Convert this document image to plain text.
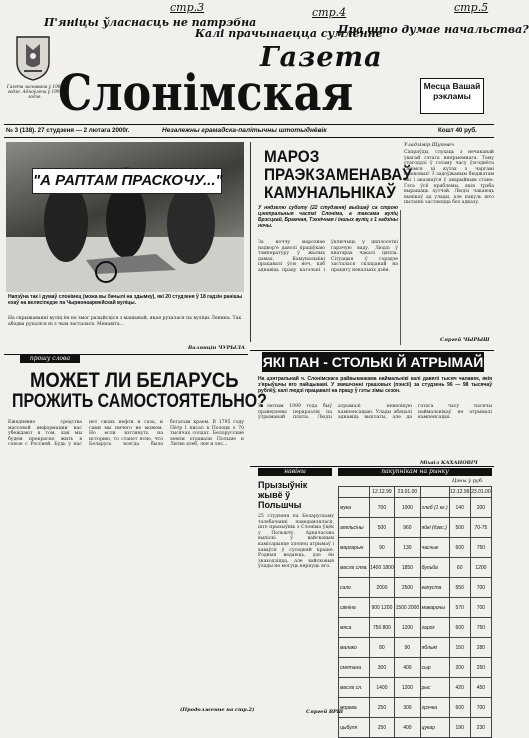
стр.3
П'яніцы ўласнасць не патрэбна
стр.4
Калі прачынаецца сумленне
стр.5
Пра што думае начальства?
Газета заснавана ў 1908 годзе. Адноўлена ў 1997 годзе.
Газета
Слонімская	Месца Вашай рэкламы
№ 3 (138). 27 студзеня — 2 лютага 2000г.	Незалежны грамадска-палітычны штотыднёвік	Кошт 40 руб.
"А РАПТАМ ПРАСКОЧУ..."
Напэўна так і думаў слонімец (можа вы бачылі на здымку), які 20 студзеня ў 18 гадзін ранішы ехаў на велясіпедзе па Чырвонаармейскай вуліцы.
На скрыжаванні вуліц ён не змог разыйсціся з машынай, якая рухалася па вуліцы Ленина. Так абодва рухаліся ні з чым засталася. Менавіта...
Валянцін ЧУРЫЛА
МАРОЗ ПРАЭКЗАМЕНАВАЎ КАМУНАЛЬНІКАЎ
У нядзелю суботу (22 студзеня) выйшаў са строю цэнтральныя часткі Слоніма, а таксама вуліц Брэсцкай, Брамная, Тэхнічная і іншых вуліц з 1 гадзіны ночы.
За ноччу марознае надвор'е даволі праціўкаю тэмпературу ў жылых дамах. Камунальнікі працавалі ўсю ноч, каб аднавіць працу катэльні і ўключыць у цяплосеткі гарачую ваду. Людзі ў кватэрах чакалі цяпла. Сітуацыя ў горадзе засталася складанай на працягу некалькіх дзён.
Сяргей ЧЫРЫШ
Уладзімір Шукевіч
Сапраўды, слухаць з нечаканай увагай гэтага няпрыемнага. Таму стагоддзі ў гэтаму часу ўзгоднёта ганімся ці кутах з чаргамі грашовых! З задоўжаным бюджэтам які і аказваўся ў аварыйным стане. Гэта ўсё праблемы, якія трэба вырашаць хутчэй. Людзі чакаюць вынікаў ад улады, але пакуль што пытанні застаюцца без адказу.
ЯКІ ПАН - СТОЛЬКІ Й АТРЫМАЙ
На цэнтральнай ч. Слонімскага райвыканкама наймальнікі калі давялі тысяч чалавек, якія з'ярыўшчы яго пайщыкамі. У змяшчэнні грашовых (пэнсіі) за студзень 96 — 98 тысячаў рублёў, калі людзі працавалі на працу ў гэты зімы сезон.
У лютым 1999 года быў праведзены пераразлік па ўтрыманай платы. Людзі атрымалі невялікую кампенсацыю. Улады абяцалі аднавіць выплаты, але да гэтага часу тысячы наймальнікаў не атрымалі кампенсацыі.
Міхаіл КАХАНОВІЧ
прошу слова
МОЖЕТ ЛИ БЕЛАРУСЬ
ПРОЖИТЬ САМОСТОЯТЕЛЬНО?
Ежедневно средства массовой информации нас убеждают в том, как мы будем прекрасно жить в союзе с Россией. Будь у нас нет своих нефти и газа, и сами мы ничего не можем. Но если взглянуть на историю, то станет ясно, что Беларусь всегда была богатым краем. В 1795 году Пётр I писал в Полоцк о 70 тысячах солдат. Белорусские земли отдавали Польше и Литве хлеб, лен и лес...
(Продолжение на стр.2)
навіны
Прызыўнік жывё ў Польшчы
25 студзеня па Беларускаму тэлебачанні паведамлялася, што прызыўнік з Слоніма ўцёк у Польшчу. Адначасова выпіскі ў вайсковым камісарыяце хлопец атрымаў і хаваўся ў суседняй краіне. Родныя ведаюць, дзе ён знаходзіцца, але вайсковыя ўлады не могуць вярнуць яго.
Сяргей ВРШ
пакупнікам на рынку
Цэны ў руб.
	12.12.99	23.01.00		12.12.99	23.01.00
мука	700	1000	хлеб (1 кг.)	140	200
апельсіны	500	960	яйкі (дзес.)	500	70-75
маргарын	90	130	часнык	600	750
масла сляв.	1400 1800	1850	бульба	60	1200
сало	2000	2500	капуста	550	700
свініна	900 1200	1500 2000	макароны	570	700
мяса	750 800	1200	гарох	600	750
малако	80	90	яблыкі	150	280
смятана	300	400	сыр	200	250
масла сл.	1400	1200	рыс	420	450
морква	250	300	грэчка	600	700
цыбуля	250	400	цукар	190	230
